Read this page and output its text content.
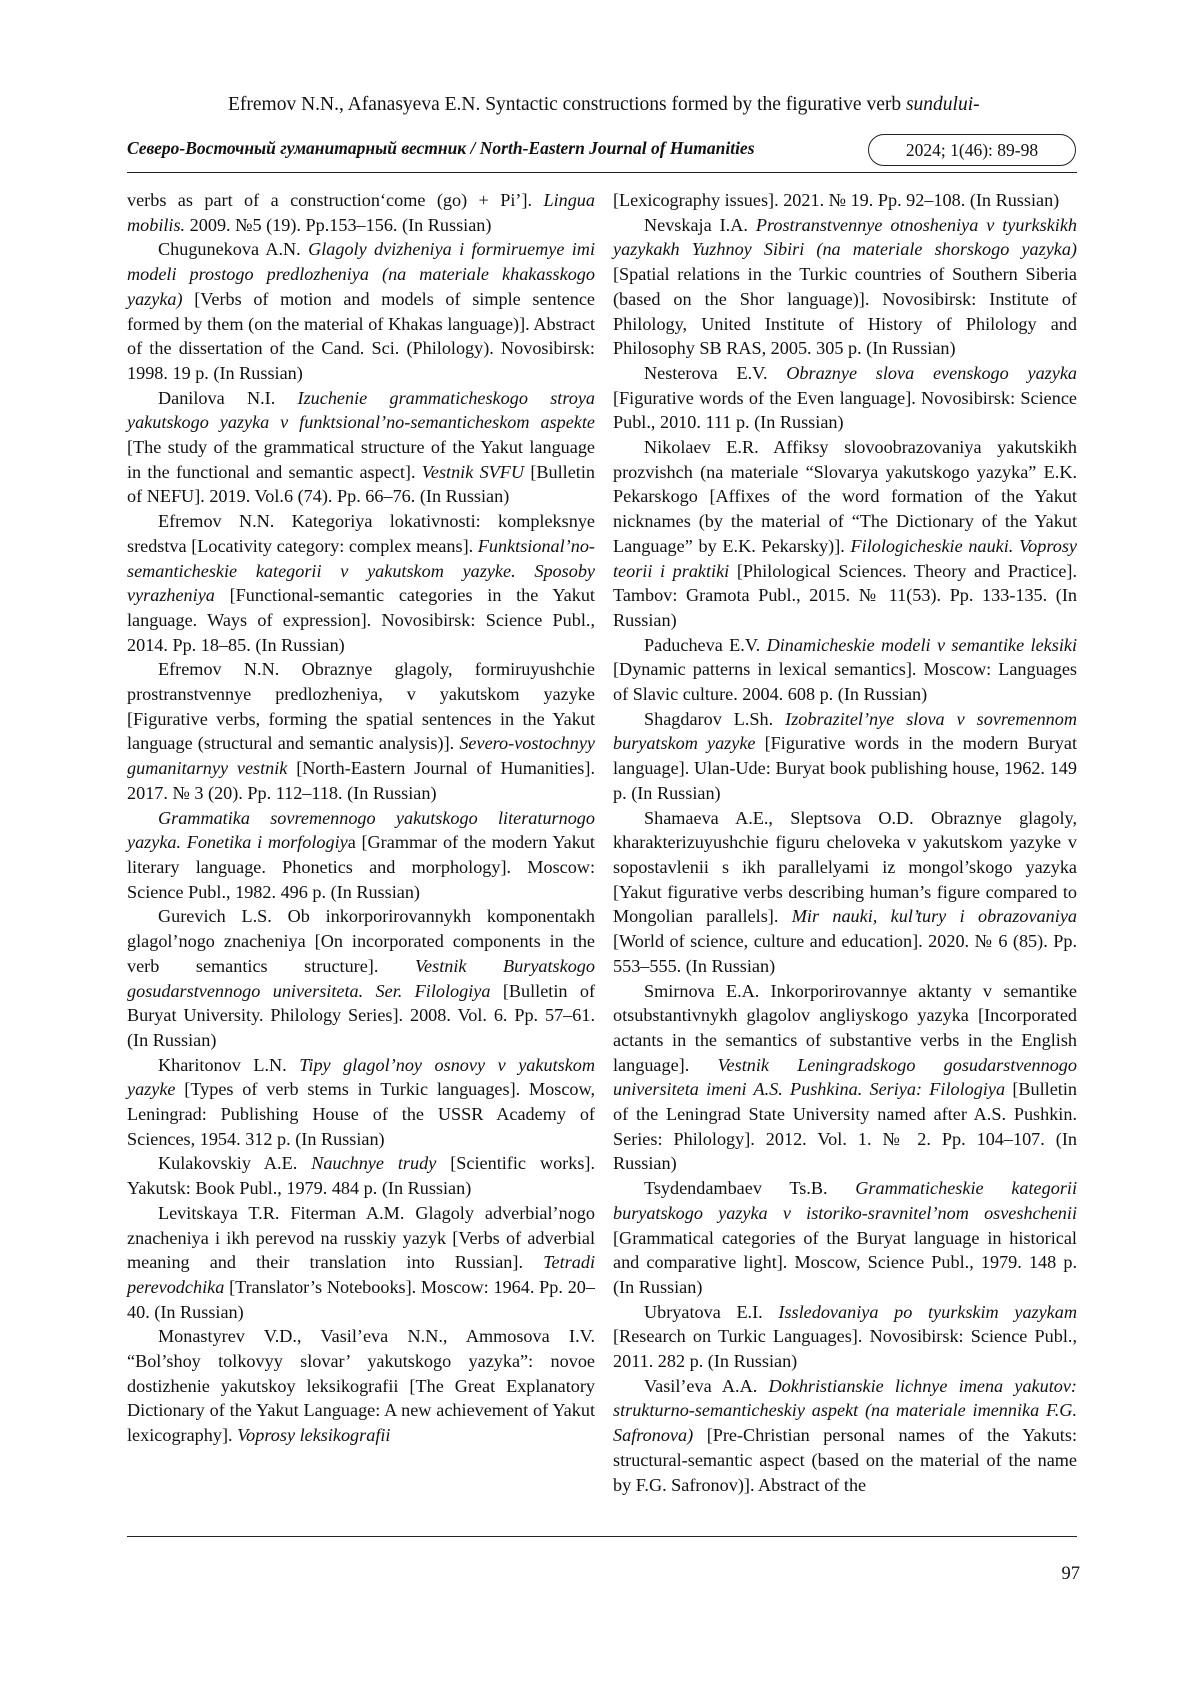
Efremov N.N., Afanasyeva E.N. Syntactic constructions formed by the figurative verb sundului-
Северо-Восточный гуманитарный вестник / North-Eastern Journal of Humanities	2024; 1(46): 89-98

verbs as part of a construction‘come (go) + Pi’]. Lingua mobilis. 2009. №5 (19). Pp.153–156. (In Russian)

Chugunekova A.N. Glagoly dvizheniya i formiruemye imi modeli prostogo predlozheniya (na materiale khakasskogo yazyka) [Verbs of motion and models of simple sentence formed by them (on the material of Khakas language)]. Abstract of the dissertation of the Cand. Sci. (Philology). Novosibirsk: 1998. 19 p. (In Russian)

Danilova N.I. Izuchenie grammaticheskogo stroya yakutskogo yazyka v funktsional’no-semanticheskom aspekte [The study of the grammatical structure of the Yakut language in the functional and semantic aspect]. Vestnik SVFU [Bulletin of NEFU]. 2019. Vol.6 (74). Pp. 66–76. (In Russian)

Efremov N.N. Kategoriya lokativnosti: kompleksnye sredstva [Locativity category: complex means]. Funktsional’no-semanticheskie kategorii v yakutskom yazyke. Sposoby vyrazheniya [Functional-semantic categories in the Yakut language. Ways of expression]. Novosibirsk: Science Publ., 2014. Pp. 18–85. (In Russian)

Efremov N.N. Obraznye glagoly, formiruyushchie prostranstvennye predlozheniya, v yakutskom yazyke [Figurative verbs, forming the spatial sentences in the Yakut language (structural and semantic analysis)]. Severo-vostochnyy gumanitarnyy vestnik [North-Eastern Journal of Humanities]. 2017. № 3 (20). Pp. 112–118. (In Russian)

Grammatika sovremennogo yakutskogo literaturnogo yazyka. Fonetika i morfologiya [Grammar of the modern Yakut literary language. Phonetics and morphology]. Moscow: Science Publ., 1982. 496 p. (In Russian)

Gurevich L.S. Ob inkorporirovannykh komponentakh glagol’nogo znacheniya [On incorporated components in the verb semantics structure]. Vestnik Buryatskogo gosudarstvennogo universiteta. Ser. Filologiya [Bulletin of Buryat University. Philology Series]. 2008. Vol. 6. Pp. 57–61. (In Russian)

Kharitonov L.N. Tipy glagol’noy osnovy v yakutskom yazyke [Types of verb stems in Turkic languages]. Moscow, Leningrad: Publishing House of the USSR Academy of Sciences, 1954. 312 p. (In Russian)

Kulakovskiy A.E. Nauchnye trudy [Scientific works]. Yakutsk: Book Publ., 1979. 484 p. (In Russian)

Levitskaya T.R. Fiterman A.M. Glagoly adverbial’nogo znacheniya i ikh perevod na russkiy yazyk [Verbs of adverbial meaning and their translation into Russian]. Tetradi perevodchika [Translator’s Notebooks]. Moscow: 1964. Pp. 20–40. (In Russian)

Monastyrev V.D., Vasil’eva N.N., Ammosova I.V. “Bol’shoy tolkovyy slovar’ yakutskogo yazyka”: novoe dostizhenie yakutskoy leksikografii [The Great Explanatory Dictionary of the Yakut Language: A new achievement of Yakut lexicography]. Voprosy leksikografii

[Lexicography issues]. 2021. № 19. Pp. 92–108. (In Russian)

Nevskaja I.A. Prostranstvennye otnosheniya v tyurkskikh yazykakh Yuzhnoy Sibiri (na materiale shorskogo yazyka) [Spatial relations in the Turkic countries of Southern Siberia (based on the Shor language)]. Novosibirsk: Institute of Philology, United Institute of History of Philology and Philosophy SB RAS, 2005. 305 p. (In Russian)

Nesterova E.V. Obraznye slova evenskogo yazyka [Figurative words of the Even language]. Novosibirsk: Science Publ., 2010. 111 p. (In Russian)

Nikolaev E.R. Affiksy slovoobrazovaniya yakutskikh prozvishch (na materiale “Slovarya yakutskogo yazyka” E.K. Pekarskogo [Affixes of the word formation of the Yakut nicknames (by the material of “The Dictionary of the Yakut Language” by E.K. Pekarsky)]. Filologicheskie nauki. Voprosy teorii i praktiki [Philological Sciences. Theory and Practice]. Tambov: Gramota Publ., 2015. № 11(53). Pp. 133-135. (In Russian)

Paducheva E.V. Dinamicheskie modeli v semantike leksiki [Dynamic patterns in lexical semantics]. Moscow: Languages of Slavic culture. 2004. 608 p. (In Russian)

Shagdarov L.Sh. Izobrazitel’nye slova v sovremennom buryatskom yazyke [Figurative words in the modern Buryat language]. Ulan-Ude: Buryat book publishing house, 1962. 149 p. (In Russian)

Shamaeva A.E., Sleptsova O.D. Obraznye glagoly, kharakterizuyushchie figuru cheloveka v yakutskom yazyke v sopostavlenii s ikh parallelyami iz mongol’skogo yazyka [Yakut figurative verbs describing human’s figure compared to Mongolian parallels]. Mir nauki, kul’tury i obrazovaniya [World of science, culture and education]. 2020. № 6 (85). Pp. 553–555. (In Russian)

Smirnova E.A. Inkorporirovannye aktanty v semantike otsubstantivnykh glagolov angliyskogo yazyka [Incorporated actants in the semantics of substantive verbs in the English language]. Vestnik Leningradskogo gosudarstvennogo universiteta imeni A.S. Pushkina. Seriya: Filologiya [Bulletin of the Leningrad State University named after A.S. Pushkin. Series: Philology]. 2012. Vol. 1. № 2. Pp. 104–107. (In Russian)

Tsydendambaev Ts.B. Grammaticheskie kategorii buryatskogo yazyka v istoriko-sravnitel’nom osveshchenii [Grammatical categories of the Buryat language in historical and comparative light]. Moscow, Science Publ., 1979. 148 p. (In Russian)

Ubryatova E.I. Issledovaniya po tyurkskim yazykam [Research on Turkic Languages]. Novosibirsk: Science Publ., 2011. 282 p. (In Russian)

Vasil’eva A.A. Dokhristianskie lichnye imena yakutov: strukturno-semanticheskiy aspekt (na materiale imennika F.G. Safronova) [Pre-Christian personal names of the Yakuts: structural-semantic aspect (based on the material of the name by F.G. Safronov)]. Abstract of the

97
